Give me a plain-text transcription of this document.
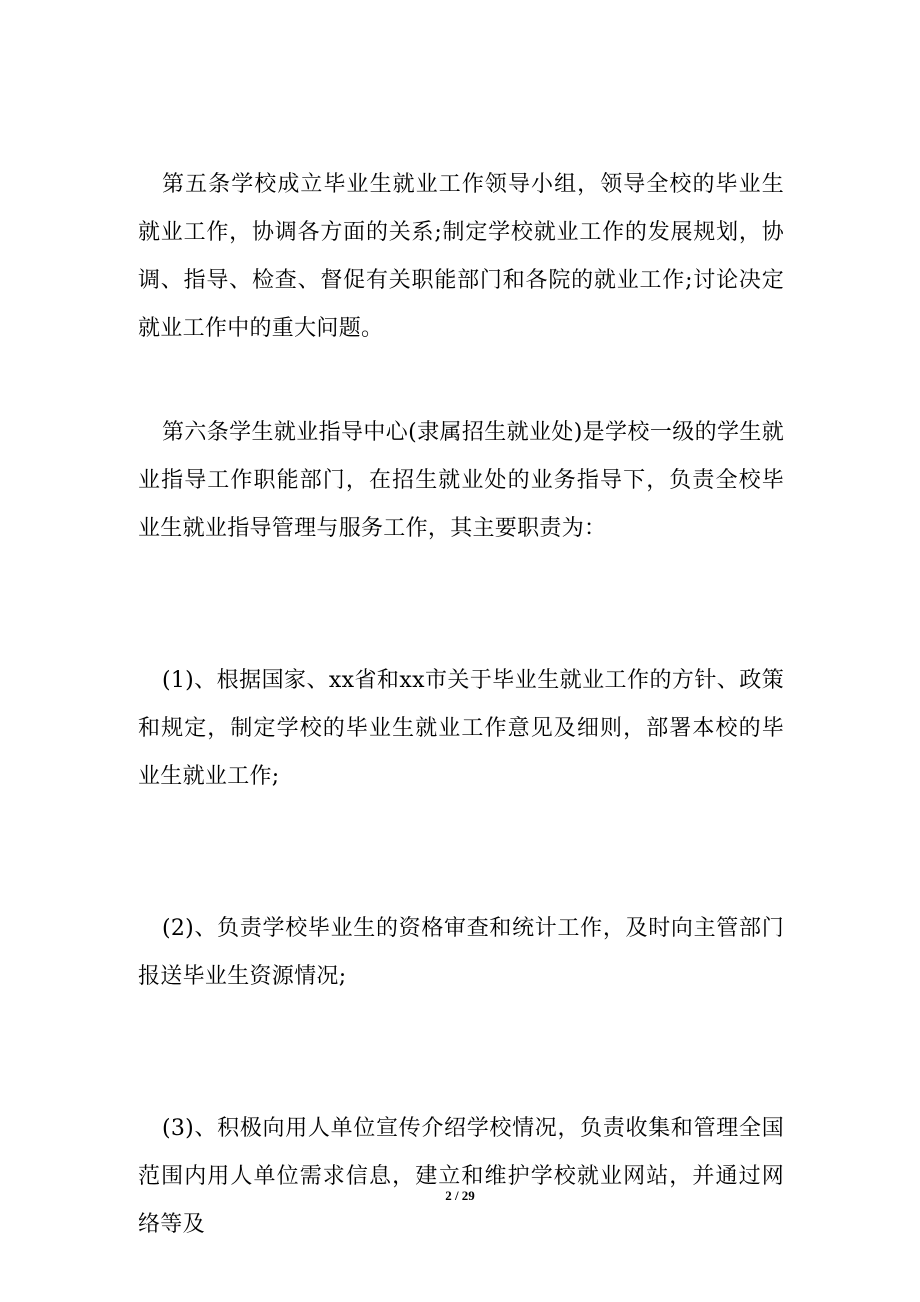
第五条学校成立毕业生就业工作领导小组，领导全校的毕业生就业工作，协调各方面的关系;制定学校就业工作的发展规划，协调、指导、检查、督促有关职能部门和各院的就业工作;讨论决定就业工作中的重大问题。

第六条学生就业指导中心(隶属招生就业处)是学校一级的学生就业指导工作职能部门，在招生就业处的业务指导下，负责全校毕业生就业指导管理与服务工作，其主要职责为：

(1)、根据国家、xx省和xx市关于毕业生就业工作的方针、政策和规定，制定学校的毕业生就业工作意见及细则，部署本校的毕业生就业工作;

(2)、负责学校毕业生的资格审查和统计工作，及时向主管部门报送毕业生资源情况;

(3)、积极向用人单位宣传介绍学校情况，负责收集和管理全国范围内用人单位需求信息，建立和维护学校就业网站，并通过网络等及

2 / 29
